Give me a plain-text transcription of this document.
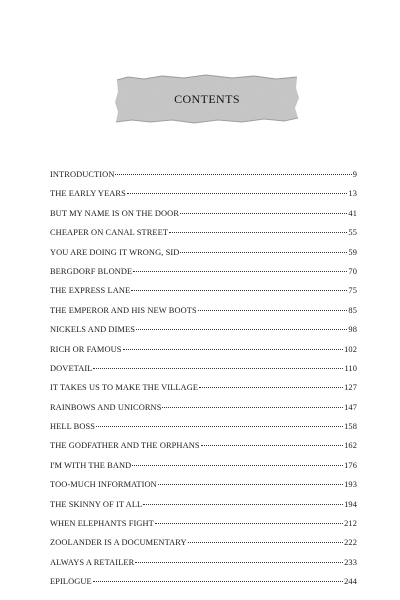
CONTENTS
INTRODUCTION	9
THE EARLY YEARS	13
BUT MY NAME IS ON THE DOOR	41
CHEAPER ON CANAL STREET	55
YOU ARE DOING IT WRONG, SID	59
BERGDORF BLONDE	70
THE EXPRESS LANE	75
THE EMPEROR AND HIS NEW BOOTS	85
NICKELS AND DIMES	98
RICH OR FAMOUS	102
DOVETAIL	110
IT TAKES US TO MAKE THE VILLAGE	127
RAINBOWS AND UNICORNS	147
HELL BOSS	158
THE GODFATHER AND THE ORPHANS	162
I'M WITH THE BAND	176
TOO-MUCH INFORMATION	193
THE SKINNY OF IT ALL	194
WHEN ELEPHANTS FIGHT	212
ZOOLANDER IS A DOCUMENTARY	222
ALWAYS A RETAILER	233
EPILOGUE	244
